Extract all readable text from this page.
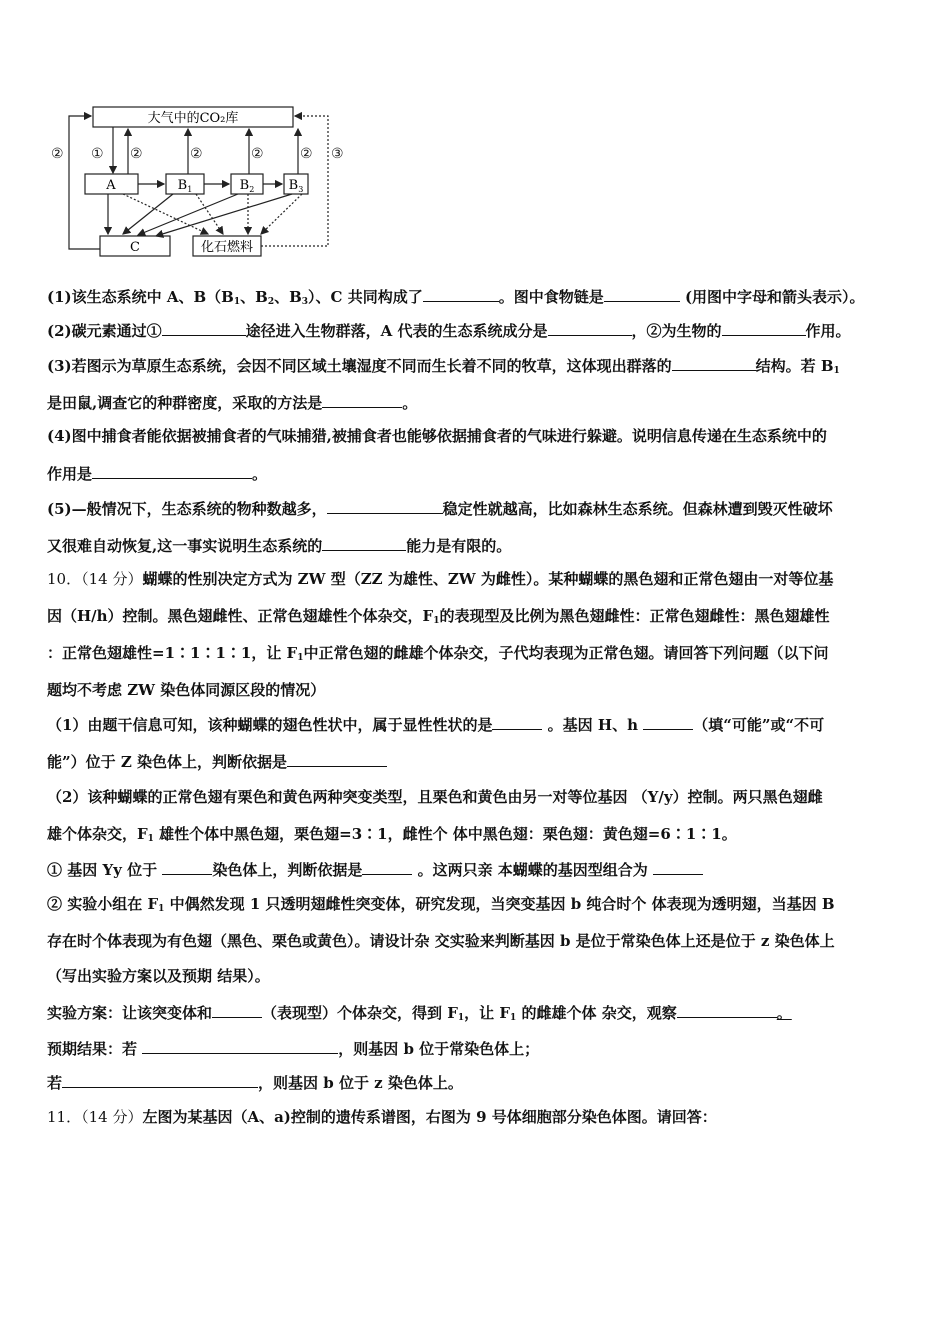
大气中的CO₂库
A	$B_1$	$B_2$	$B_3$
C	化石燃料
② ① ②	②	②	② ③
(1)该生态系统中 A、$B(B_1$、$B_2$、$B_3$）、C 共同构成了	。图中食物链是	(用图中字母和箭头表示）。
(2)碳元素通过①	途径进入生物群落，A 代表的生态系统成分是	，②为生物的	作用。
(3)若图示为草原生态系统，会因不同区域土壤湿度不同而生长着不同的牧草，这体现出群落的	结构。若 $B_1$
是田鼠,调查它的种群密度，采取的方法是	。
(4)图中捕食者能依据被捕食者的气味捕猎,被捕食者也能够依据捕食者的气味进行躲避。说明信息传递在生态系统中的
作用是	。
(5)—般情况下，生态系统的物种数越多，	稳定性就越高，比如森林生态系统。但森林遭到毁灭性破坏
又很难自动恢复,这一事实说明生态系统的	能力是有限的。
10．（14 分）蝴蝶的性别决定方式为 ZW 型（ZZ 为雄性、ZW 为雌性）。某种蝴蝶的黑色翅和正常色翅由一对等位基
因（H/h）控制。黑色翅雌性、正常色翅雄性个体杂交，$F_1$的表现型及比例为黑色翅雌性：正常色翅雌性：黑色翅雄性
：正常色翅雄性=1∶1∶1∶1，让 $F_1$中正常色翅的雌雄个体杂交，子代均表现为正常色翅。请回答下列问题（以下问
题均不考虑 ZW 染色体同源区段的情况）
（1）由题干信息可知，该种蝴蝶的翅色性状中，属于显性性状的是	。基因 H、h	（填“可能”或“不可
能”）位于 Z 染色体上，判断依据是
（2）该种蝴蝶的正常色翅有栗色和黄色两种突变类型，且栗色和黄色由另一对等位基因 （Y/y）控制。两只黑色翅雌
雄个体杂交，$F_1$ 雄性个体中黑色翅，栗色翅=3∶1，雌性个 体中黑色翅：栗色翅：黄色翅=6∶1∶1。
① 基因 Yy 位于	染色体上，判断依据是	。这两只亲 本蝴蝶的基因型组合为
② 实验小组在 $F_1$ 中偶然发现 1 只透明翅雌性突变体，研究发现，当突变基因 b 纯合时个 体表现为透明翅，当基因 B
存在时个体表现为有色翅（黑色、栗色或黄色）。请设计杂 交实验来判断基因 b 是位于常染色体上还是位于 z 染色体上
（写出实验方案以及预期 结果）。
实验方案：让该突变体和	（表现型）个体杂交，得到 $F_1$，让 $F_1$ 的雌雄个体 杂交，观察	。
预期结果：若	，则基因 b 位于常染色体上；
若	，则基因 b 位于 z 染色体上。
11．（14 分）左图为某基因（A、a)控制的遗传系谱图，右图为 9 号体细胞部分染色体图。请回答：
